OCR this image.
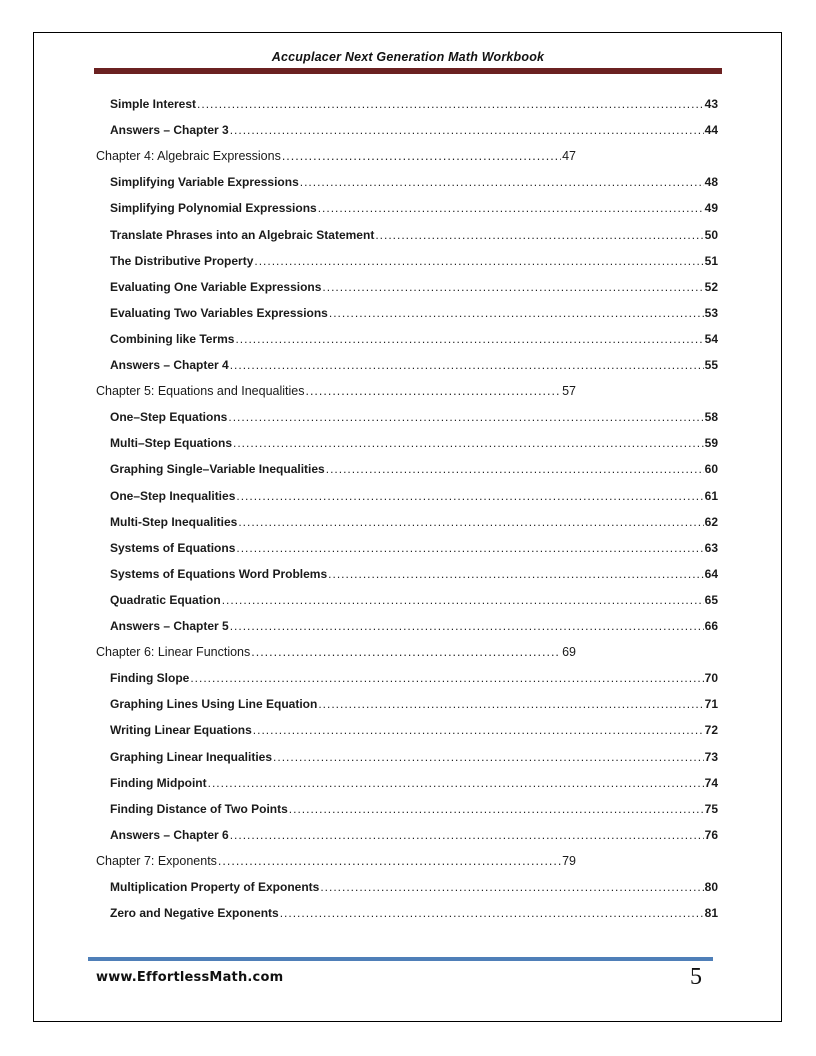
Accuplacer Next Generation Math Workbook
Simple Interest .....	43
Answers – Chapter 3 .....	44
Chapter 4: Algebraic Expressions .....	47
Simplifying Variable Expressions .....	48
Simplifying Polynomial Expressions .....	49
Translate Phrases into an Algebraic Statement .....	50
The Distributive Property .....	51
Evaluating One Variable Expressions .....	52
Evaluating Two Variables Expressions .....	53
Combining like Terms .....	54
Answers – Chapter 4 .....	55
Chapter 5: Equations and Inequalities .....	57
One–Step Equations .....	58
Multi–Step Equations .....	59
Graphing Single–Variable Inequalities .....	60
One–Step Inequalities .....	61
Multi-Step Inequalities .....	62
Systems of Equations .....	63
Systems of Equations Word Problems .....	64
Quadratic Equation .....	65
Answers – Chapter 5 .....	66
Chapter 6: Linear Functions .....	69
Finding Slope .....	70
Graphing Lines Using Line Equation .....	71
Writing Linear Equations .....	72
Graphing Linear Inequalities .....	73
Finding Midpoint .....	74
Finding Distance of Two Points .....	75
Answers – Chapter 6 .....	76
Chapter 7: Exponents .....	79
Multiplication Property of Exponents .....	80
Zero and Negative Exponents .....	81
www.EffortlessMath.com	5
